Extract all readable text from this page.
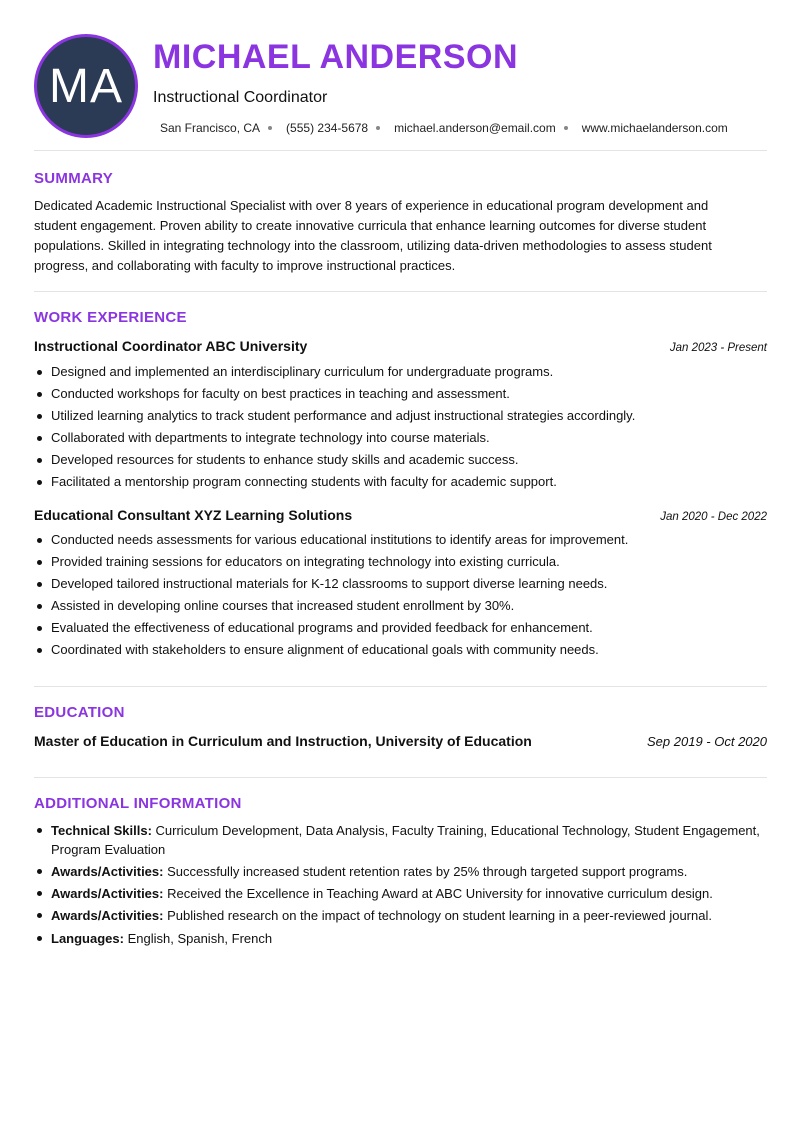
MA
MICHAEL ANDERSON
Instructional Coordinator
San Francisco, CA (555) 234-5678 michael.anderson@email.com www.michaelanderson.com
SUMMARY
Dedicated Academic Instructional Specialist with over 8 years of experience in educational program development and student engagement. Proven ability to create innovative curricula that enhance learning outcomes for diverse student populations. Skilled in integrating technology into the classroom, utilizing data-driven methodologies to assess student progress, and collaborating with faculty to improve instructional practices.
WORK EXPERIENCE
Instructional Coordinator ABC University	Jan 2023 - Present
Designed and implemented an interdisciplinary curriculum for undergraduate programs.
Conducted workshops for faculty on best practices in teaching and assessment.
Utilized learning analytics to track student performance and adjust instructional strategies accordingly.
Collaborated with departments to integrate technology into course materials.
Developed resources for students to enhance study skills and academic success.
Facilitated a mentorship program connecting students with faculty for academic support.
Educational Consultant XYZ Learning Solutions	Jan 2020 - Dec 2022
Conducted needs assessments for various educational institutions to identify areas for improvement.
Provided training sessions for educators on integrating technology into existing curricula.
Developed tailored instructional materials for K-12 classrooms to support diverse learning needs.
Assisted in developing online courses that increased student enrollment by 30%.
Evaluated the effectiveness of educational programs and provided feedback for enhancement.
Coordinated with stakeholders to ensure alignment of educational goals with community needs.
EDUCATION
Master of Education in Curriculum and Instruction, University of Education	Sep 2019 - Oct 2020
ADDITIONAL INFORMATION
Technical Skills: Curriculum Development, Data Analysis, Faculty Training, Educational Technology, Student Engagement, Program Evaluation
Awards/Activities: Successfully increased student retention rates by 25% through targeted support programs.
Awards/Activities: Received the Excellence in Teaching Award at ABC University for innovative curriculum design.
Awards/Activities: Published research on the impact of technology on student learning in a peer-reviewed journal.
Languages: English, Spanish, French
